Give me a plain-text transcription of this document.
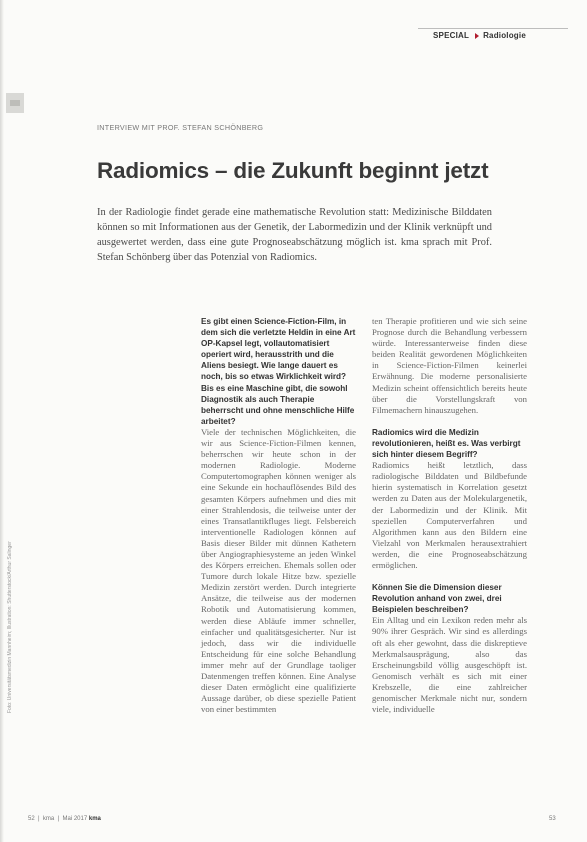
SPECIAL Radiologie
INTERVIEW MIT PROF. STEFAN SCHÖNBERG
Radiomics – die Zukunft beginnt jetzt
In der Radiologie findet gerade eine mathematische Revolution statt: Medizinische Bilddaten können so mit Informationen aus der Genetik, der Labormedizin und der Klinik verknüpft und ausgewertet werden, dass eine gute Prognoseabschätzung möglich ist. kma sprach mit Prof. Stefan Schönberg über das Potenzial von Radiomics.

Es gibt einen Science-Fiction-Film, in dem sich die verletzte Heldin in eine Art OP-Kapsel legt, vollautomatisiert operiert wird, herausstrith und die Aliens besiegt. Wie lange dauert es noch, bis so etwas Wirklichkeit wird? Bis es eine Maschine gibt, die sowohl Diagnostik als auch Therapie beherrscht und ohne menschliche Hilfe arbeitet?

Viele der technischen Möglichkeiten, die wir aus Science-Fiction-Filmen kennen, beherrschen wir heute schon in der modernen Radiologie. Moderne Computertomographen können weniger als eine Sekunde ein hochauflösendes Bild des gesamten Körpers aufnehmen und dies mit einer Strahlendosis, die teilweise unter der eines Transatlantikfluges liegt. Felsbereich interventionelle Radiologen können auf Basis dieser Bilder mit dünnen Kathetern über Angiographiesysteme an jeden Winkel des Körpers erreichen. Ehemals sollen oder Tumore durch lokale Hitze bzw. spezielle Medizin zerstört werden. Durch integrierte Ansätze, die teilweise aus der modernen Robotik und Automatisierung kommen, werden diese Abläufe immer schneller, einfacher und qualitätsgesicherter. Nur ist jedoch, dass wir die individuelle Entscheidung für eine solche Behandlung immer mehr auf der Grundlage taoliger Datenmengen treffen können. Eine Analyse dieser Daten ermöglicht eine qualifizierte Aussage darüber, ob diese spezielle Patient von einer bestimmten

ten Therapie profitieren und wie sich seine Prognose durch die Behandlung verbessern würde. Interessanterweise finden diese beiden Realität gewordenen Möglichkeiten in Science-Fiction-Filmen keinerlei Erwähnung. Die moderne personalisierte Medizin scheint offensichtlich bereits heute über die Vorstellungskraft von Filmemachern hinauszugehen.

Radiomics wird die Medizin revolutionieren, heißt es. Was verbirgt sich hinter diesem Begriff?

Radiomics heißt letztlich, dass radiologische Bilddaten und Bildbefunde hierin systematisch in Korrelation gesetzt werden zu Daten aus der Molekulargenetik, der Labormedizin und der Klinik. Mit speziellen Computerverfahren und Algorithmen kann aus den Bildern eine Vielzahl von Merkmalen herausextrahiert werden, die eine Prognoseabschätzung ermöglichen.

Können Sie die Dimension dieser Revolution anhand von zwei, drei Beispielen beschreiben?

Ein Alltag und ein Lexikon reden mehr als 90% ihrer Gespräch. Wir sind es allerdings oft als eher gewohnt, dass die diskreptieve Merkmalsausprägung, also das Erscheinungsbild völlig ausgeschöpft ist. Genomisch verhält es sich mit einer Krebszelle, die eine zahlreicher genomischer Merkmale nicht nur, sondern viele, individuelle

Foto: Universitätsmedizin Mannheim; Illustration: Shutterstock/Arthur Salinger
52  |  kma  |  Mai 2017 kma	53
